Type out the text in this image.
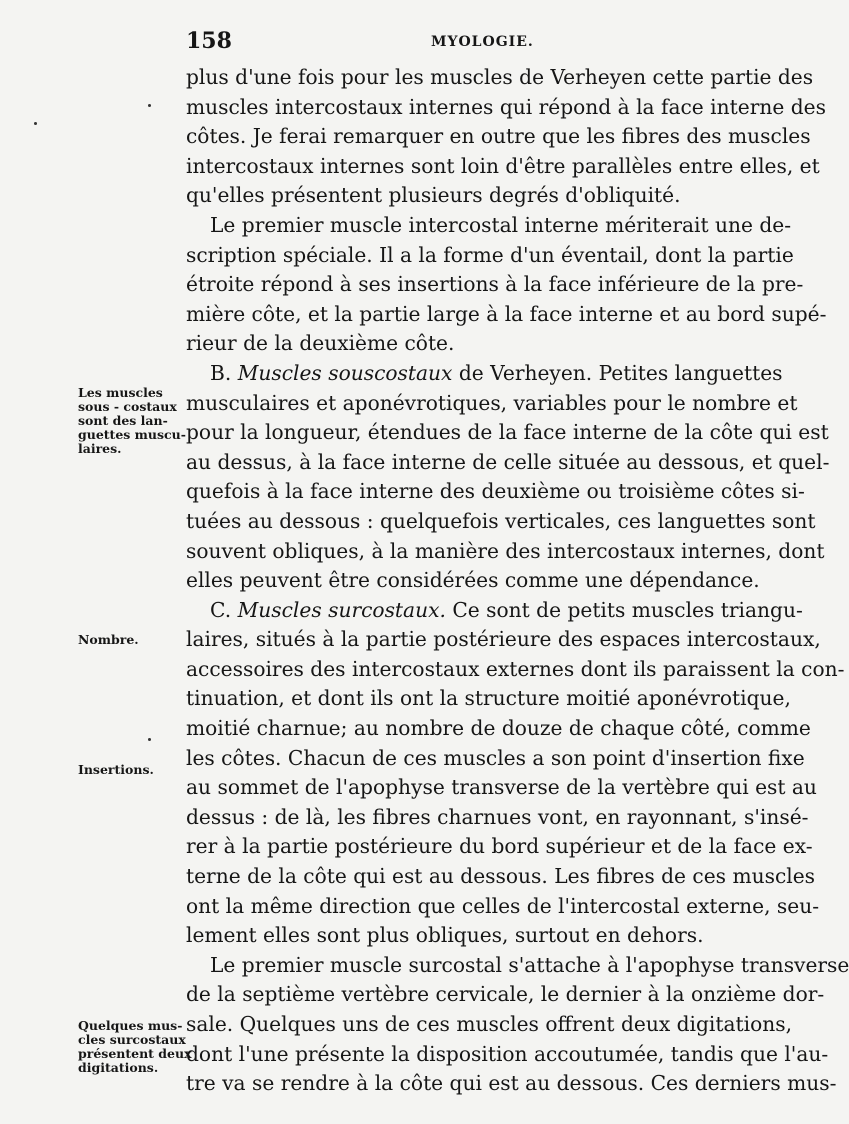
158	MYOLOGIE.
plus d'une fois pour les muscles de Verheyen cette partie des
muscles intercostaux internes qui répond à la face interne des
côtes. Je ferai remarquer en outre que les fibres des muscles
intercostaux internes sont loin d'être parallèles entre elles, et
qu'elles présentent plusieurs degrés d'obliquité.
Le premier muscle intercostal interne mériterait une de-
scription spéciale. Il a la forme d'un éventail, dont la partie
étroite répond à ses insertions à la face inférieure de la pre-
mière côte, et la partie large à la face interne et au bord supé-
rieur de la deuxième côte.
B. Muscles souscostaux de Verheyen. Petites languettes
musculaires et aponévrotiques, variables pour le nombre et
pour la longueur, étendues de la face interne de la côte qui est
au dessus, à la face interne de celle située au dessous, et quel-
quefois à la face interne des deuxième ou troisième côtes si-
tuées au dessous : quelquefois verticales, ces languettes sont
souvent obliques, à la manière des intercostaux internes, dont
elles peuvent être considérées comme une dépendance.
C. Muscles surcostaux. Ce sont de petits muscles triangu-
laires, situés à la partie postérieure des espaces intercostaux,
accessoires des intercostaux externes dont ils paraissent la con-
tinuation, et dont ils ont la structure moitié aponévrotique,
moitié charnue; au nombre de douze de chaque côté, comme
les côtes. Chacun de ces muscles a son point d'insertion fixe
au sommet de l'apophyse transverse de la vertèbre qui est au
dessus : de là, les fibres charnues vont, en rayonnant, s'insé-
rer à la partie postérieure du bord supérieur et de la face ex-
terne de la côte qui est au dessous. Les fibres de ces muscles
ont la même direction que celles de l'intercostal externe, seu-
lement elles sont plus obliques, surtout en dehors.
Le premier muscle surcostal s'attache à l'apophyse transverse
de la septième vertèbre cervicale, le dernier à la onzième dor-
sale. Quelques uns de ces muscles offrent deux digitations,
dont l'une présente la disposition accoutumée, tandis que l'au-
tre va se rendre à la côte qui est au dessous. Ces derniers mus-
Les muscles
sous - costaux
sont des lan-
guettes muscu-
laires.
Nombre.
Insertions.
Quelques mus-
cles surcostaux
présentent deux
digitations.
